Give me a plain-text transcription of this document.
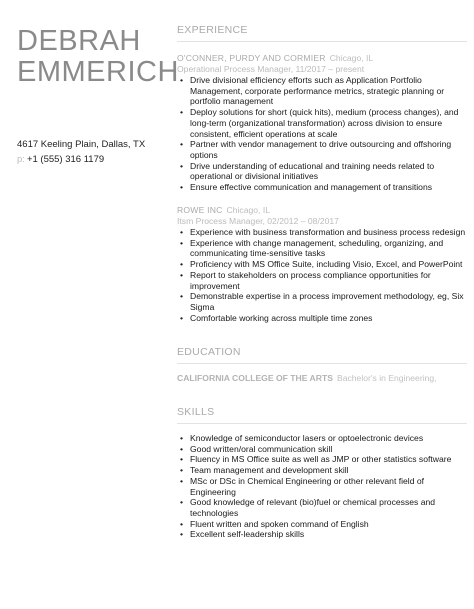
DEBRAH
EMMERICH
4617 Keeling Plain, Dallas, TX
p: +1 (555) 316 1179
EXPERIENCE
O'CONNER, PURDY AND CORMIER Chicago, IL
Operational Process Manager, 11/2017 – present
• Drive divisional efficiency efforts such as Application Portfolio Management, corporate performance metrics, strategic planning or portfolio management
• Deploy solutions for short (quick hits), medium (process changes), and long-term (organizational transformation) across division to ensure consistent, efficient operations at scale
• Partner with vendor management to drive outsourcing and offshoring options
• Drive understanding of educational and training needs related to operational or divisional initiatives
• Ensure effective communication and management of transitions
ROWE INC Chicago, IL
Itsm Process Manager, 02/2012 – 08/2017
• Experience with business transformation and business process redesign
• Experience with change management, scheduling, organizing, and communicating time-sensitive tasks
• Proficiency with MS Office Suite, including Visio, Excel, and PowerPoint
• Report to stakeholders on process compliance opportunities for improvement
• Demonstrable expertise in a process improvement methodology, eg, Six Sigma
• Comfortable working across multiple time zones
EDUCATION
CALIFORNIA COLLEGE OF THE ARTS Bachelor's in Engineering,
SKILLS
• Knowledge of semiconductor lasers or optoelectronic devices
• Good written/oral communication skill
• Fluency in MS Office suite as well as JMP or other statistics software
• Team management and development skill
• MSc or DSc in Chemical Engineering or other relevant field of Engineering
• Good knowledge of relevant (bio)fuel or chemical processes and technologies
• Fluent written and spoken command of English
• Excellent self-leadership skills
